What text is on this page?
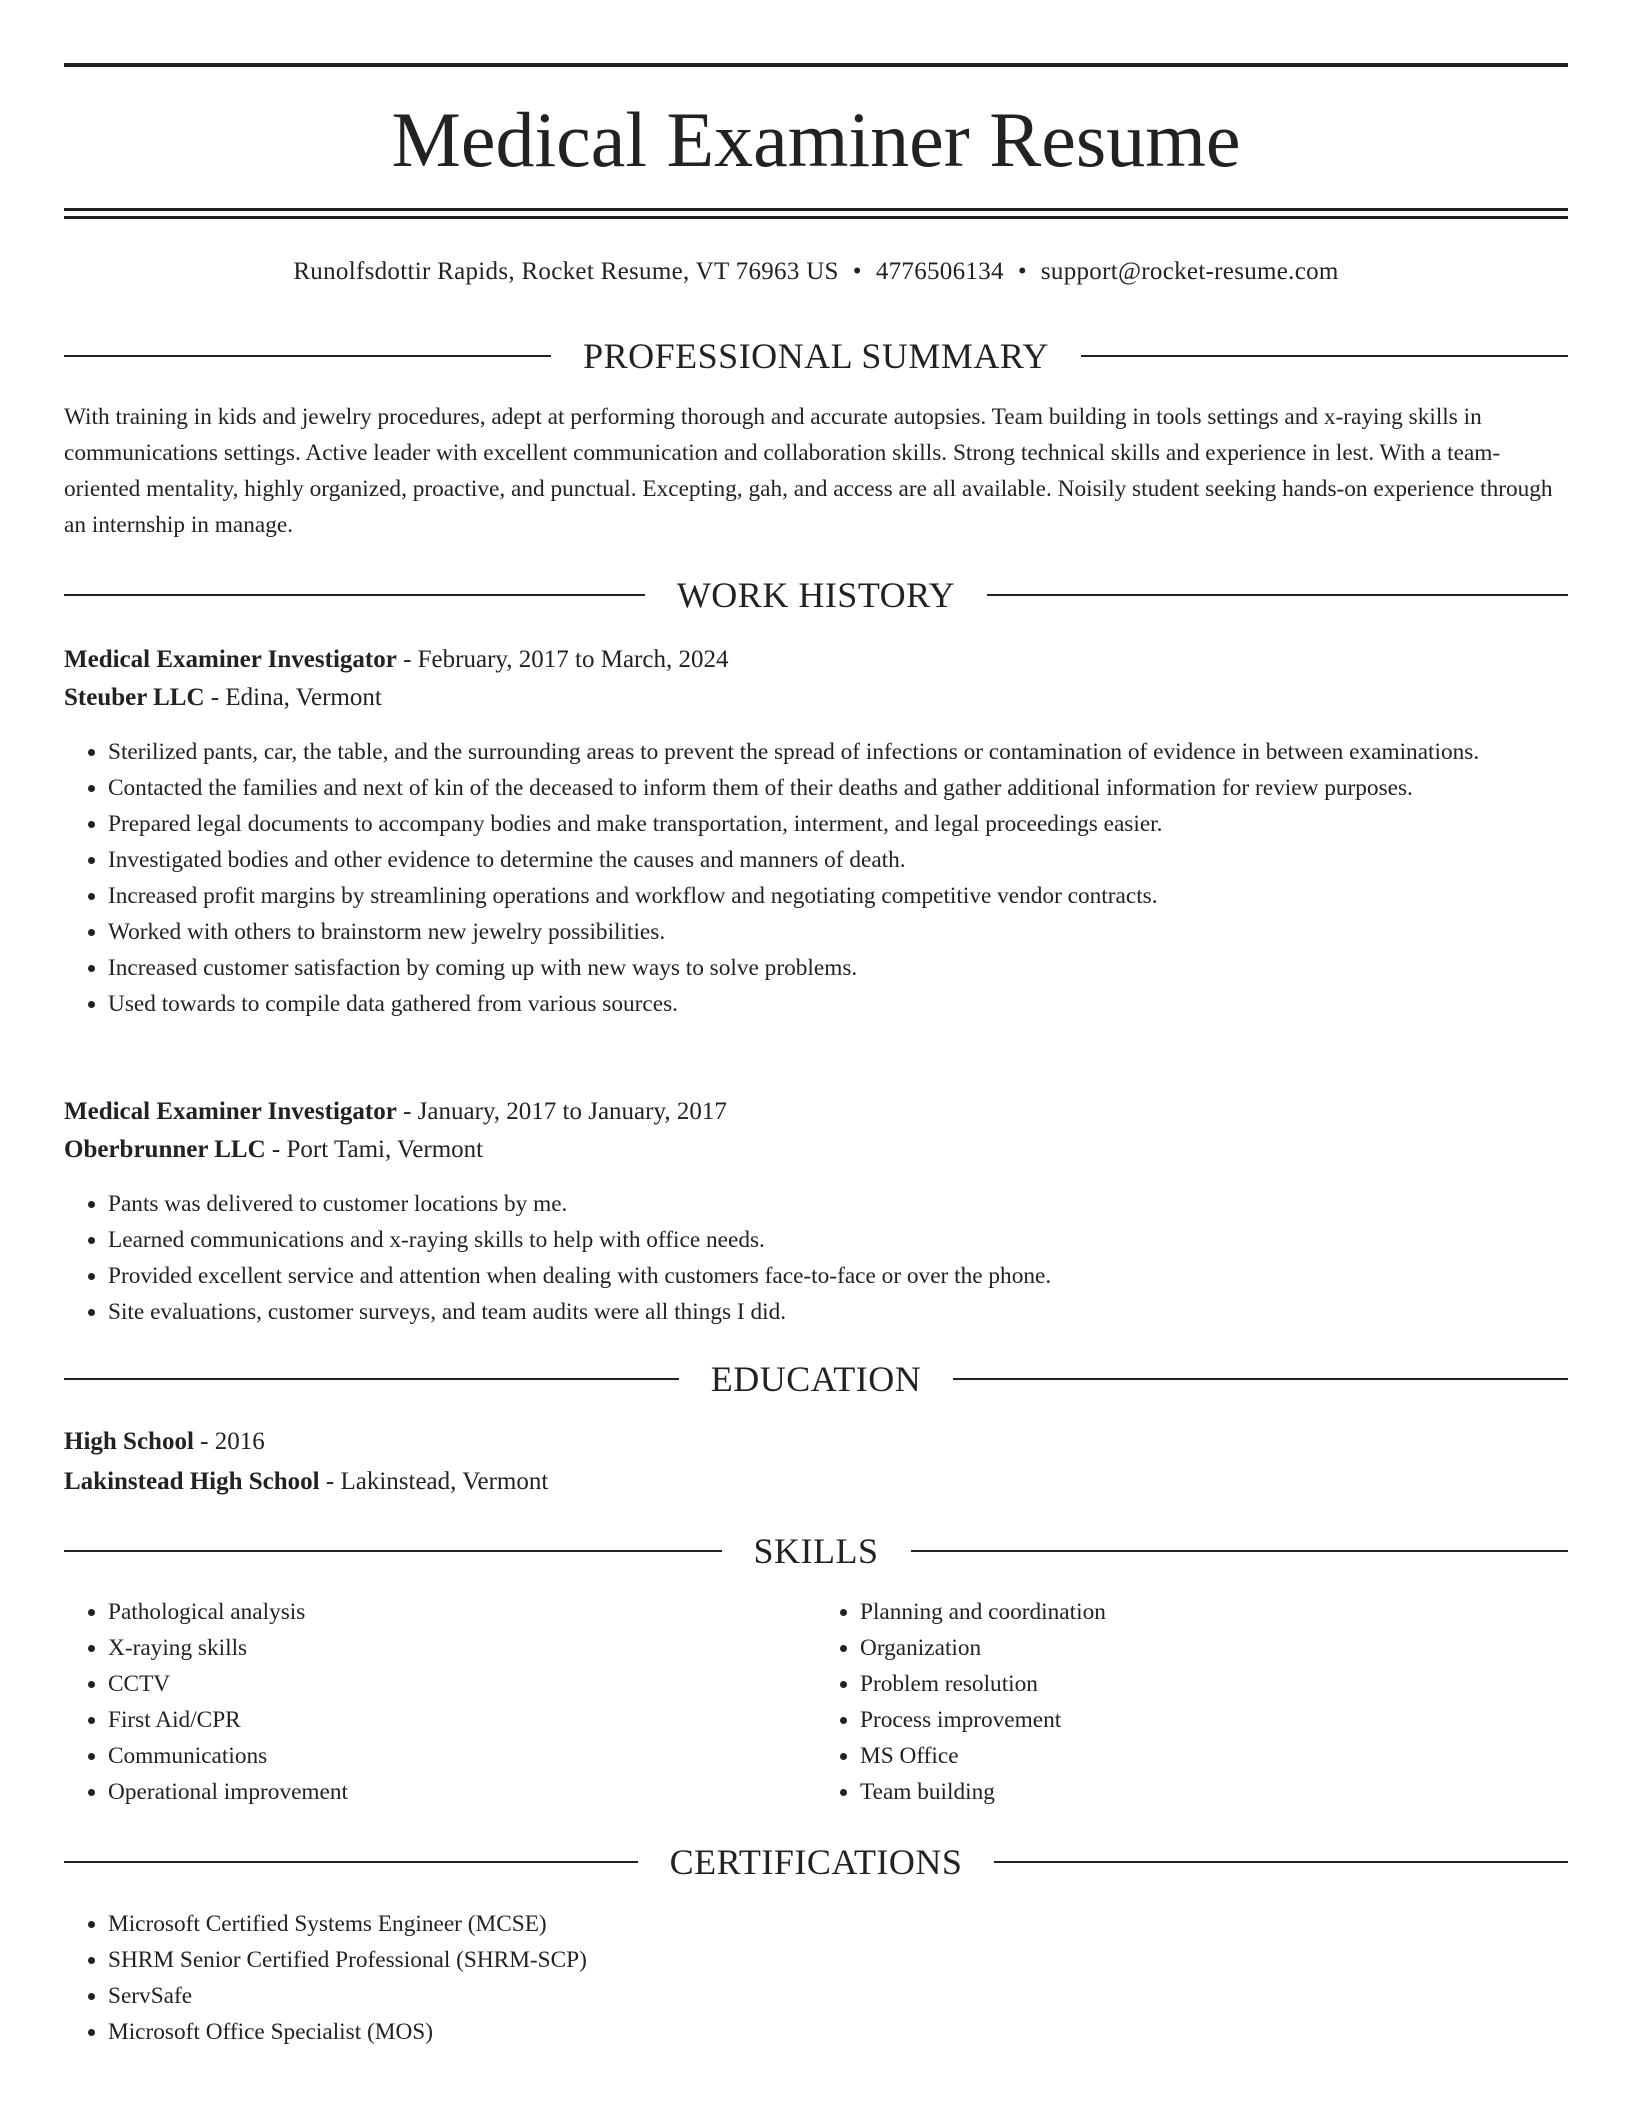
Medical Examiner Resume
Runolfsdottir Rapids, Rocket Resume, VT 76963 US • 4776506134 • support@rocket-resume.com
PROFESSIONAL SUMMARY

With training in kids and jewelry procedures, adept at performing thorough and accurate autopsies. Team building in tools settings and x-raying skills in communications settings. Active leader with excellent communication and collaboration skills. Strong technical skills and experience in lest. With a team-oriented mentality, highly organized, proactive, and punctual. Excepting, gah, and access are all available. Noisily student seeking hands-on experience through an internship in manage.

WORK HISTORY

Medical Examiner Investigator - February, 2017 to March, 2024

Steuber LLC - Edina, Vermont

• Sterilized pants, car, the table, and the surrounding areas to prevent the spread of infections or contamination of evidence in between examinations.
• Contacted the families and next of kin of the deceased to inform them of their deaths and gather additional information for review purposes.
• Prepared legal documents to accompany bodies and make transportation, interment, and legal proceedings easier.
• Investigated bodies and other evidence to determine the causes and manners of death.
• Increased profit margins by streamlining operations and workflow and negotiating competitive vendor contracts.
• Worked with others to brainstorm new jewelry possibilities.
• Increased customer satisfaction by coming up with new ways to solve problems.
• Used towards to compile data gathered from various sources.

Medical Examiner Investigator - January, 2017 to January, 2017

Oberbrunner LLC - Port Tami, Vermont

• Pants was delivered to customer locations by me.
• Learned communications and x-raying skills to help with office needs.
• Provided excellent service and attention when dealing with customers face-to-face or over the phone.
• Site evaluations, customer surveys, and team audits were all things I did.
EDUCATION

High School - 2016

Lakinstead High School - Lakinstead, Vermont

SKILLS
• Pathological analysis
• X-raying skills
• CCTV
• First Aid/CPR
• Communications
• Operational improvement
• Planning and coordination
• Organization
• Problem resolution
• Process improvement
• MS Office
• Team building
CERTIFICATIONS
• Microsoft Certified Systems Engineer (MCSE)
• SHRM Senior Certified Professional (SHRM-SCP)
• ServSafe
• Microsoft Office Specialist (MOS)
